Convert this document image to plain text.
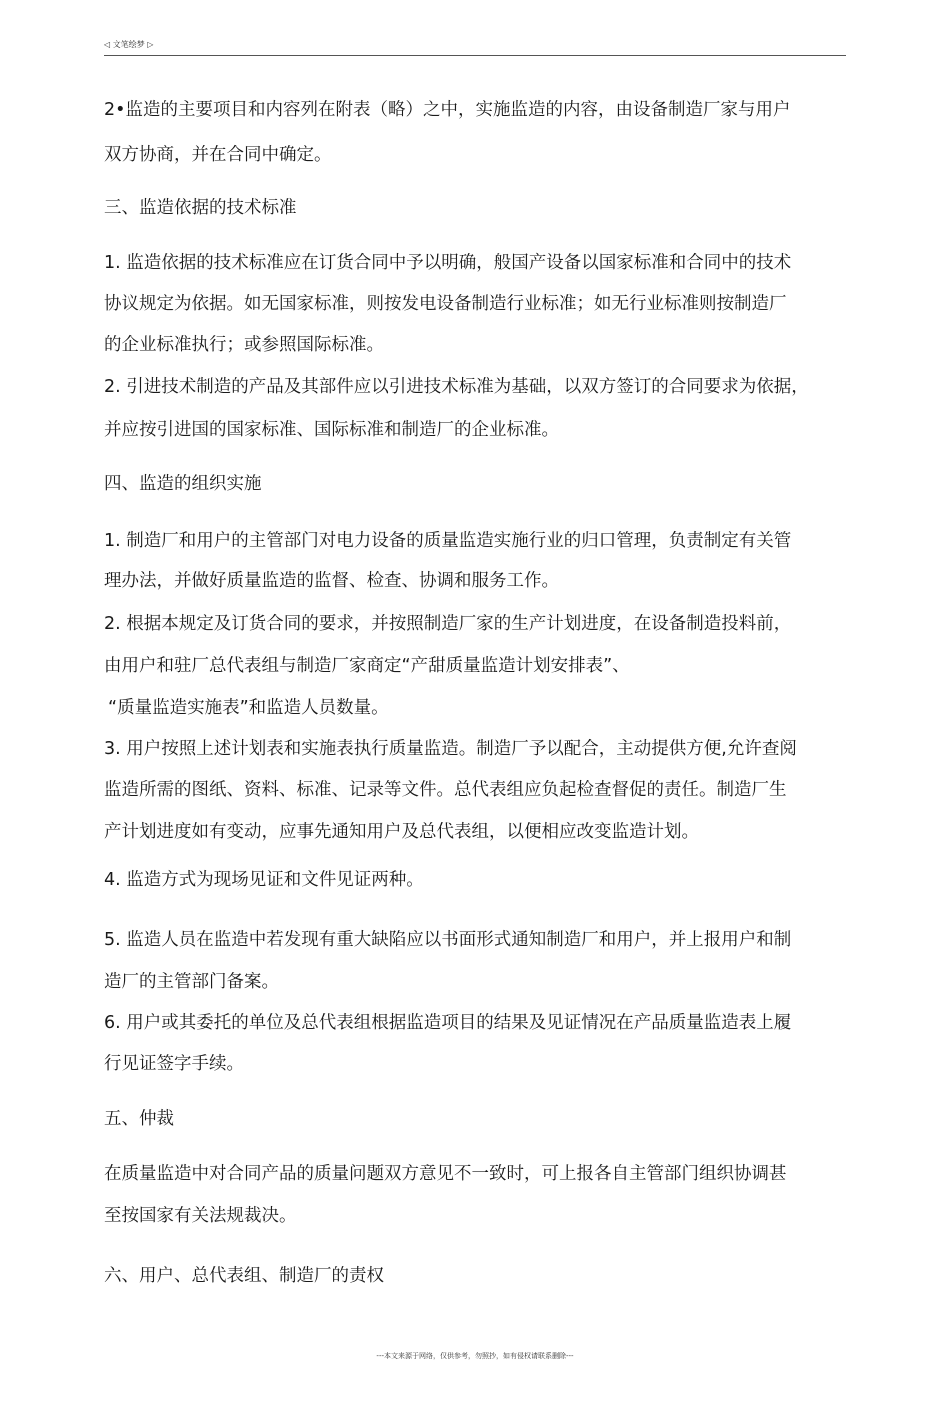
◁ 文笔绘梦 ▷
2•监造的主要项目和内容列在附表（略）之中，实施监造的内容，由设备制造厂家与用户
双方协商，并在合同中确定。
三、监造依据的技术标准
1. 监造依据的技术标准应在订货合同中予以明确，般国产设备以国家标准和合同中的技术
协议规定为依据。如无国家标准，则按发电设备制造行业标准；如无行业标准则按制造厂
的企业标准执行；或参照国际标准。
2. 引进技术制造的产品及其部件应以引进技术标准为基础，以双方签订的合同要求为依据，
并应按引进国的国家标准、国际标准和制造厂的企业标准。
四、监造的组织实施
1. 制造厂和用户的主管部门对电力设备的质量监造实施行业的归口管理，负责制定有关管
理办法，并做好质量监造的监督、检查、协调和服务工作。
2. 根据本规定及订货合同的要求，并按照制造厂家的生产计划进度，在设备制造投料前，
由用户和驻厂总代表组与制造厂家商定“产甜质量监造计划安排表”、
“质量监造实施表”和监造人员数量。
3. 用户按照上述计划表和实施表执行质量监造。制造厂予以配合，主动提供方便,允许查阅
监造所需的图纸、资料、标准、记录等文件。总代表组应负起检查督促的责任。制造厂生
产计划进度如有变动，应事先通知用户及总代表组，以便相应改变监造计划。
4. 监造方式为现场见证和文件见证两种。
5. 监造人员在监造中若发现有重大缺陷应以书面形式通知制造厂和用户，并上报用户和制
造厂的主管部门备案。
6. 用户或其委托的单位及总代表组根据监造项目的结果及见证情况在产品质量监造表上履
行见证签字手续。
五、仲裁
在质量监造中对合同产品的质量问题双方意见不一致时，可上报各自主管部门组织协调甚
至按国家有关法规裁决。
六、用户、总代表组、制造厂的责权
---本文来源于网络，仅供参考，勿照抄，如有侵权请联系删除---
